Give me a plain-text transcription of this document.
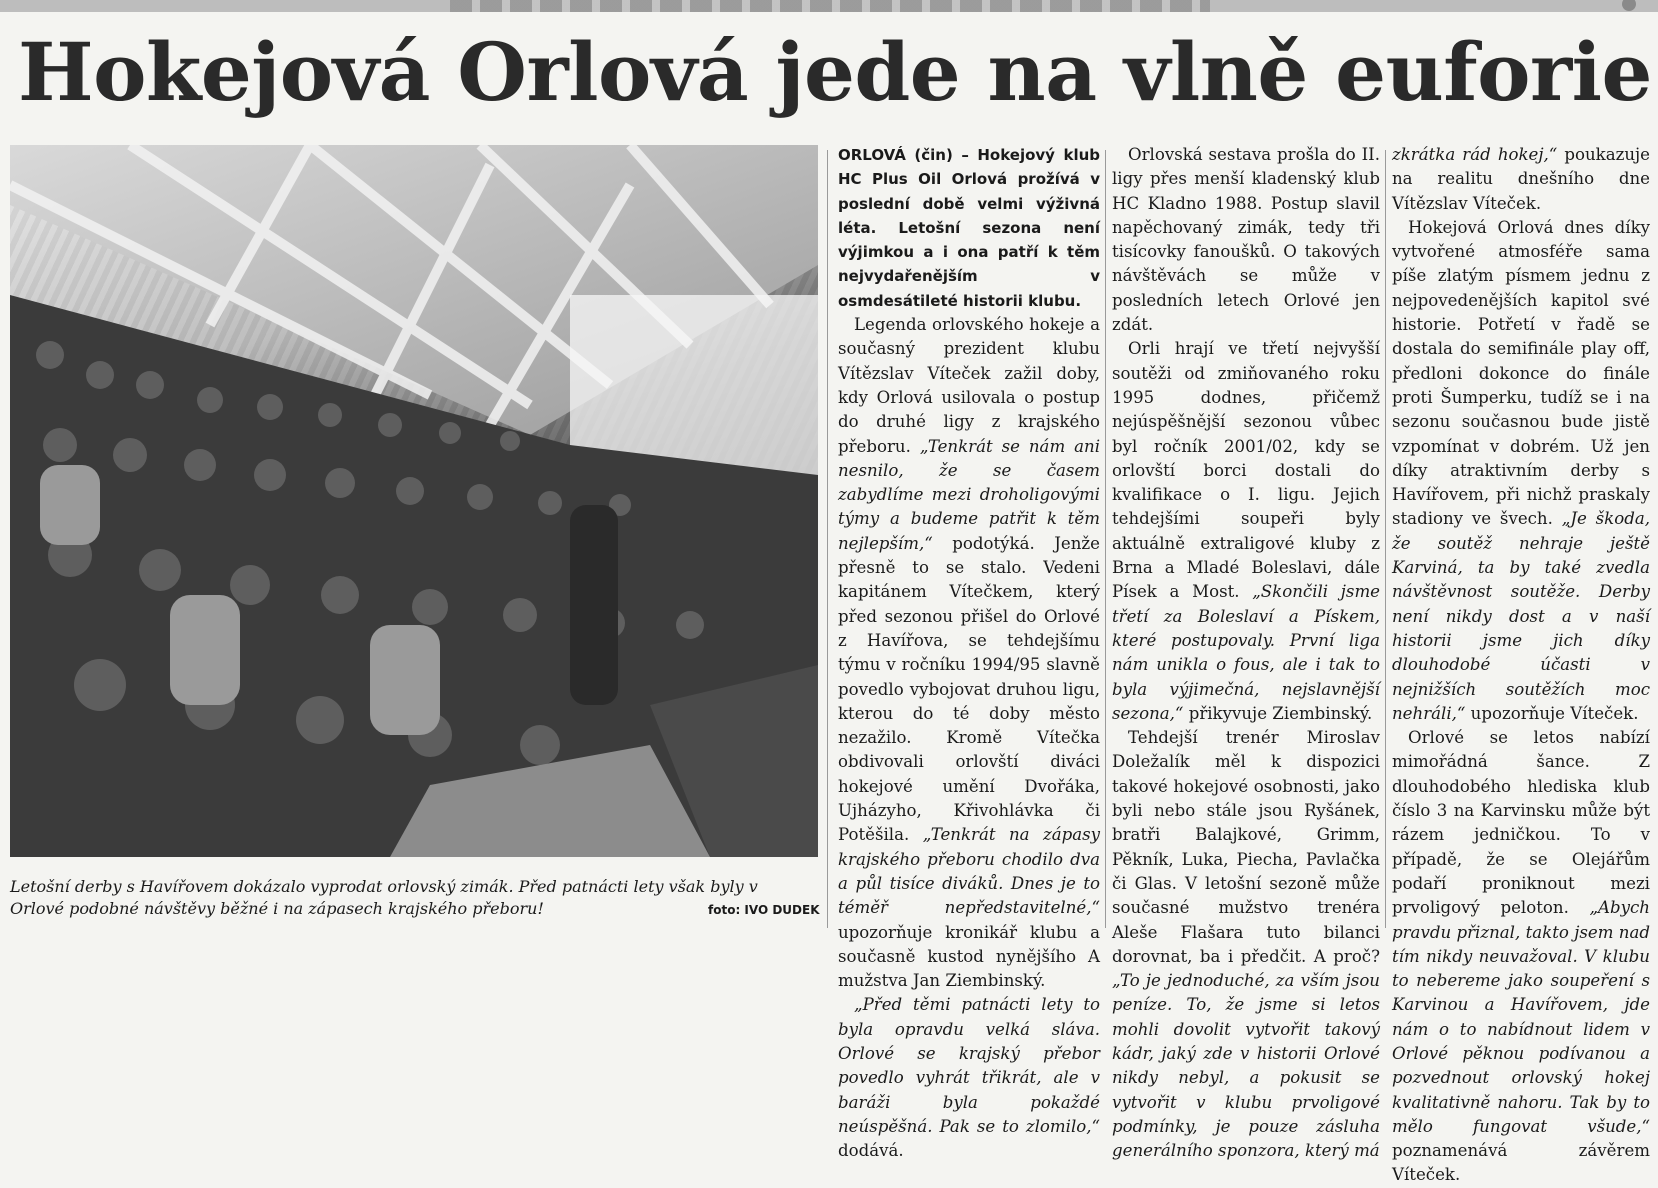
Hokejová Orlová jede na vlně euforie

Letošní derby s Havířovem dokázalo vyprodat orlovský zimák. Před patnácti lety však byly v Orlové podobné návštěvy běžné i na zápasech krajského přeboru!	foto: IVO DUDEK

ORLOVÁ (čin) – Hokejový klub HC Plus Oil Orlová prožívá v poslední době velmi výživná léta. Letošní sezona není výjimkou a i ona patří k těm nejvydařenějším v osmdesátileté historii klubu.

Legenda orlovského hokeje a současný prezident klubu Vítězslav Víteček zažil doby, kdy Orlová usilovala o postup do druhé ligy z krajského přeboru. „Tenkrát se nám ani nesnilo, že se časem zabydlíme mezi droholigovými týmy a budeme patřit k těm nejlepším,“ podotýká. Jenže přesně to se stalo. Vedeni kapitánem Vítečkem, který před sezonou přišel do Orlové z Havířova, se tehdejšímu týmu v ročníku 1994/95 slavně povedlo vybojovat druhou ligu, kterou do té doby město nezažilo. Kromě Vítečka obdivovali orlovští diváci hokejové umění Dvořáka, Ujházyho, Křivohlávka či Potěšila. „Tenkrát na zápasy krajského přeboru chodilo dva a půl tisíce diváků. Dnes je to téměř nepředstavitelné,“ upozorňuje kronikář klubu a současně kustod nynějšího A mužstva Jan Ziembinský.

„Před těmi patnácti lety to byla opravdu velká sláva. Orlové se krajský přebor povedlo vyhrát třikrát, ale v baráži byla pokaždé neúspěšná. Pak se to zlomilo,“ dodává.

Orlovská sestava prošla do II. ligy přes menší kladenský klub HC Kladno 1988. Postup slavil napěchovaný zimák, tedy tři tisícovky fanoušků. O takových návštěvách se může v posledních letech Orlové jen zdát.

Orli hrají ve třetí nejvyšší soutěži od zmiňovaného roku 1995 dodnes, přičemž nejúspěšnější sezonou vůbec byl ročník 2001/02, kdy se orlovští borci dostali do kvalifikace o I. ligu. Jejich tehdejšími soupeři byly aktuálně extraligové kluby z Brna a Mladé Boleslavi, dále Písek a Most. „Skončili jsme třetí za Boleslaví a Pískem, které postupovaly. První liga nám unikla o fous, ale i tak to byla výjimečná, nejslavnější sezona,“ přikyvuje Ziembinský.

Tehdejší trenér Miroslav Doležalík měl k dispozici takové hokejové osobnosti, jako byli nebo stále jsou Ryšánek, bratři Balajkové, Grimm, Pěkník, Luka, Piecha, Pavlačka či Glas. V letošní sezoně může současné mužstvo trenéra Aleše Flašara tuto bilanci dorovnat, ba i předčit. A proč? „To je jednoduché, za vším jsou peníze. To, že jsme si letos mohli dovolit vytvořit takový kádr, jaký zde v historii Orlové nikdy nebyl, a pokusit se vytvořit v klubu prvoligové podmínky, je pouze zásluha generálního sponzora, který má

zkrátka rád hokej,“ poukazuje na realitu dnešního dne Vítězslav Víteček.

Hokejová Orlová dnes díky vytvořené atmosféře sama píše zlatým písmem jednu z nejpovedenějších kapitol své historie. Potřetí v řadě se dostala do semifinále play off, předloni dokonce do finále proti Šumperku, tudíž se i na sezonu současnou bude jistě vzpomínat v dobrém. Už jen díky atraktivním derby s Havířovem, při nichž praskaly stadiony ve švech. „Je škoda, že soutěž nehraje ještě Karviná, ta by také zvedla návštěvnost soutěže. Derby není nikdy dost a v naší historii jsme jich díky dlouhodobé účasti v nejnižších soutěžích moc nehráli,“ upozorňuje Víteček.

Orlové se letos nabízí mimořádná šance. Z dlouhodobého hlediska klub číslo 3 na Karvinsku může být rázem jedničkou. To v případě, že se Olejářům podaří proniknout mezi prvoligový peloton. „Abych pravdu přiznal, takto jsem nad tím nikdy neuvažoval. V klubu to nebereme jako soupeření s Karvinou a Havířovem, jde nám o to nabídnout lidem v Orlové pěknou podívanou a pozvednout orlovský hokej kvalitativně nahoru. Tak by to mělo fungovat všude,“ poznamenává závěrem Víteček.
